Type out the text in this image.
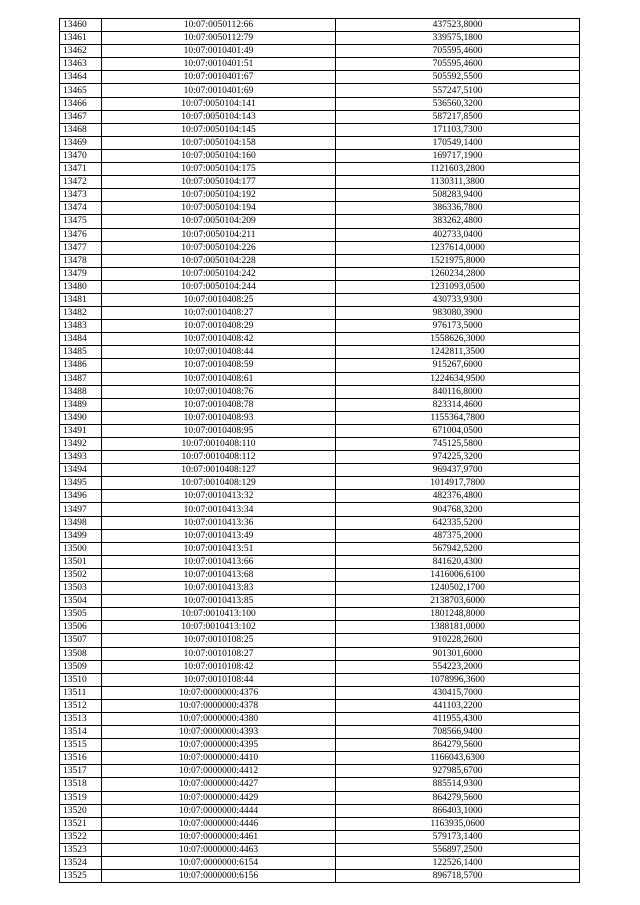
13460	10:07:0050112:66	437523,8000
13461	10:07:0050112:79	339575,1800
13462	10:07:0010401:49	705595,4600
13463	10:07:0010401:51	705595,4600
13464	10:07:0010401:67	505592,5500
13465	10:07:0010401:69	557247,5100
13466	10:07:0050104:141	536560,3200
13467	10:07:0050104:143	587217,8500
13468	10:07:0050104:145	171103,7300
13469	10:07:0050104:158	170549,1400
13470	10:07:0050104:160	169717,1900
13471	10:07:0050104:175	1121603,2800
13472	10:07:0050104:177	1130311,3800
13473	10:07:0050104:192	508283,9400
13474	10:07:0050104:194	386336,7800
13475	10:07:0050104:209	383262,4800
13476	10:07:0050104:211	402733,0400
13477	10:07:0050104:226	1237614,0000
13478	10:07:0050104:228	1521975,8000
13479	10:07:0050104:242	1260234,2800
13480	10:07:0050104:244	1231093,0500
13481	10:07:0010408:25	430733,9300
13482	10:07:0010408:27	983080,3900
13483	10:07:0010408:29	976173,5000
13484	10:07:0010408:42	1558626,3000
13485	10:07:0010408:44	1242811,3500
13486	10:07:0010408:59	915267,6000
13487	10:07:0010408:61	1224634,9500
13488	10:07:0010408:76	840116,8000
13489	10:07:0010408:78	823314,4600
13490	10:07:0010408:93	1155364,7800
13491	10:07:0010408:95	671004,0500
13492	10:07:0010408:110	745125,5800
13493	10:07:0010408:112	974225,3200
13494	10:07:0010408:127	969437,9700
13495	10:07:0010408:129	1014917,7800
13496	10:07:0010413:32	482376,4800
13497	10:07:0010413:34	904768,3200
13498	10:07:0010413:36	642335,5200
13499	10:07:0010413:49	487375,2000
13500	10:07:0010413:51	567942,5200
13501	10:07:0010413:66	841620,4300
13502	10:07:0010413:68	1416006,6100
13503	10:07:0010413:83	1240502,1700
13504	10:07:0010413:85	2138703,6000
13505	10:07:0010413:100	1801248,8000
13506	10:07:0010413:102	1388181,0000
13507	10:07:0010108:25	910228,2600
13508	10:07:0010108:27	901301,6000
13509	10:07:0010108:42	554223,2000
13510	10:07:0010108:44	1078996,3600
13511	10:07:0000000:4376	430415,7000
13512	10:07:0000000:4378	441103,2200
13513	10:07:0000000:4380	411955,4300
13514	10:07:0000000:4393	708566,9400
13515	10:07:0000000:4395	864279,5600
13516	10:07:0000000:4410	1166043,6300
13517	10:07:0000000:4412	927985,6700
13518	10:07:0000000:4427	885514,9300
13519	10:07:0000000:4429	864279,5600
13520	10:07:0000000:4444	866403,1000
13521	10:07:0000000:4446	1163935,0600
13522	10:07:0000000:4461	579173,1400
13523	10:07:0000000:4463	556897,2500
13524	10:07:0000000:6154	122526,1400
13525	10:07:0000000:6156	896718,5700
